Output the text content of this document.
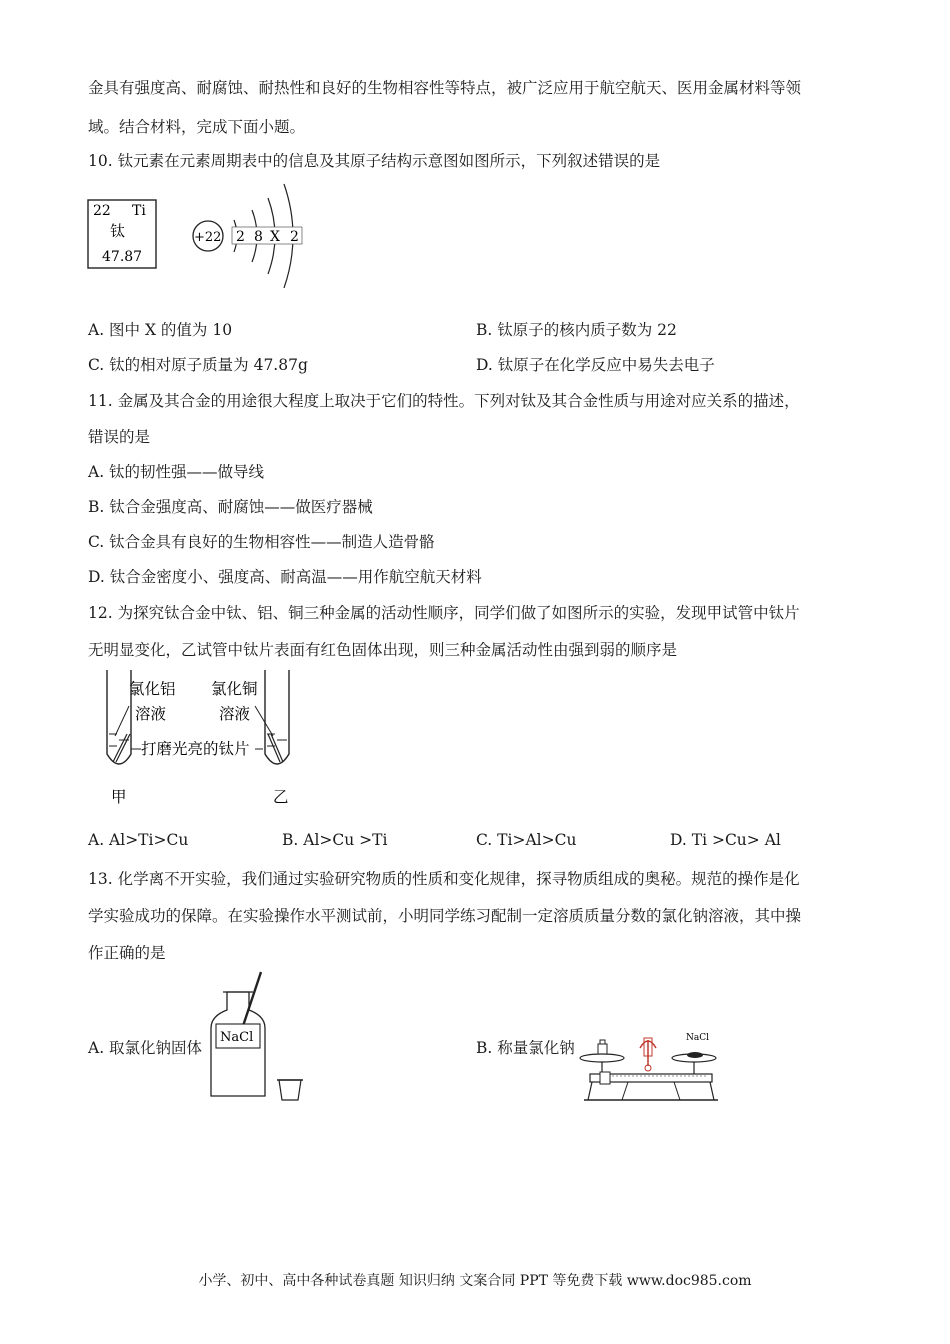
金具有强度高、耐腐蚀、耐热性和良好的生物相容性等特点，被广泛应用于航空航天、医用金属材料等领
域。结合材料，完成下面小题。
10. 钛元素在元素周期表中的信息及其原子结构示意图如图所示，下列叙述错误的是
22 Ti
钛
47.87
+22 2 8 X 2
A. 图中 X 的值为 10	B. 钛原子的核内质子数为 22
C. 钛的相对原子质量为 47.87g	D. 钛原子在化学反应中易失去电子
11. 金属及其合金的用途很大程度上取决于它们的特性。下列对钛及其合金性质与用途对应关系的描述，
错误的是
A. 钛的韧性强——做导线
B. 钛合金强度高、耐腐蚀——做医疗器械
C. 钛合金具有良好的生物相容性——制造人造骨骼
D. 钛合金密度小、强度高、耐高温——用作航空航天材料
12. 为探究钛合金中钛、铝、铜三种金属的活动性顺序，同学们做了如图所示的实验，发现甲试管中钛片
无明显变化，乙试管中钛片表面有红色固体出现，则三种金属活动性由强到弱的顺序是
氯化铝
溶液
氯化铜
溶液
打磨光亮的钛片
甲	乙
A. Al>Ti>Cu	B. Al>Cu >Ti	C. Ti>Al>Cu	D. Ti >Cu> Al
13. 化学离不开实验，我们通过实验研究物质的性质和变化规律，探寻物质组成的奥秘。规范的操作是化
学实验成功的保障。在实验操作水平测试前，小明同学练习配制一定溶质质量分数的氯化钠溶液，其中操
作正确的是
A. 取氯化钠固体
NaCl
B. 称量氯化钠
NaCl
小学、初中、高中各种试卷真题 知识归纳 文案合同 PPT 等免费下载 www.doc985.com
